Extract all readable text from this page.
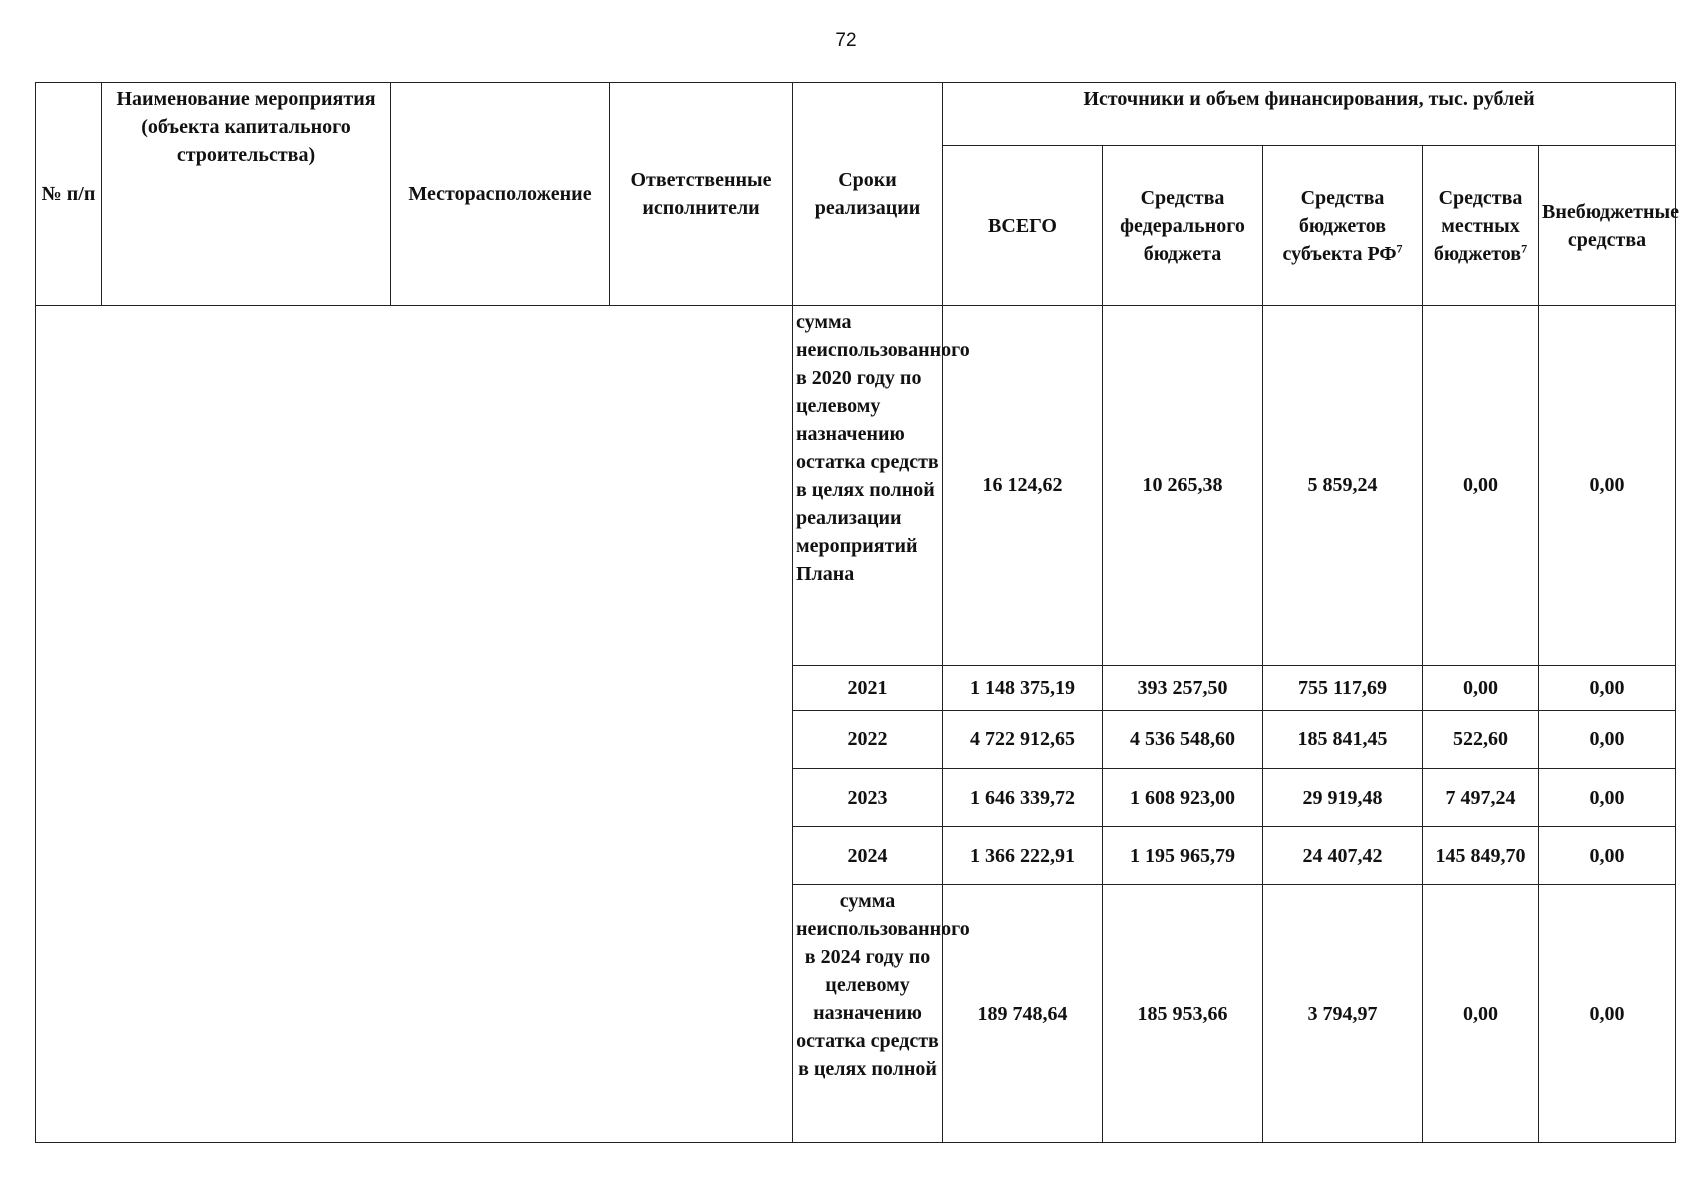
72
№ п/п	Наименование мероприятия (объекта капитального строительства)	Месторасположение	Ответственные исполнители	Сроки реализации	Источники и объем финансирования, тыс. рублей				
					ВСЕГО	Средства федерального бюджета	Средства бюджетов субъекта $РФ^7$	Средства местных бюджетов$^7$	Внебюджетные средства
				сумма неиспользованного в 2020 году по целевому назначению остатка средств в целях полной реализации мероприятий Плана	16 124,62	10 265,38	5 859,24	0,00	0,00
				2021	1 148 375,19	393 257,50	755 117,69	0,00	0,00
				2022	4 722 912,65	4 536 548,60	185 841,45	522,60	0,00
				2023	1 646 339,72	1 608 923,00	29 919,48	7 497,24	0,00
				2024	1 366 222,91	1 195 965,79	24 407,42	145 849,70	0,00
				сумма неиспользованного в 2024 году по целевому назначению остатка средств в целях полной	189 748,64	185 953,66	3 794,97	0,00	0,00
